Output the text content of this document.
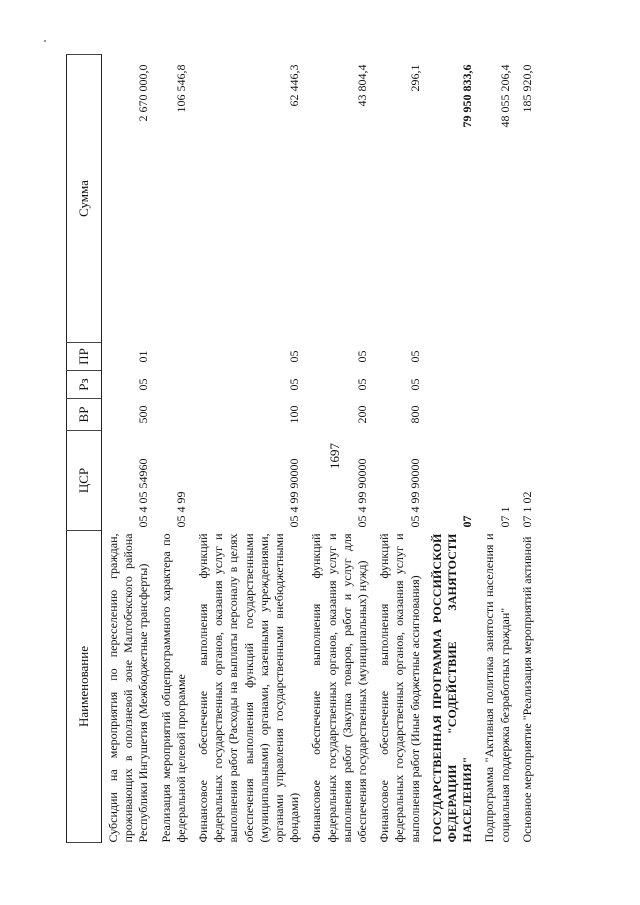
1697
Наименование	ЦСР	ВР	Рз	ПР	Сумма
Субсидии на мероприятия по переселению граждан, проживающих в оползневой зоне Малгобекского района Республики Ингушетия (Межбюджетные трансферты)	05 4 05 54960	500	05	01	2 670 000,0
Реализация мероприятий общепрограммного характера по федеральной целевой программе	05 4 99				106 546,8
Финансовое обеспечение выполнения функций федеральных государственных органов, оказания услуг и выполнения работ (Расходы на выплаты персоналу в целях обеспечения выполнения функций государственными (муниципальными) органами, казенными учреждениями, органами управления государственными внебюджетными фондами)	05 4 99 90000	100	05	05	62 446,3
Финансовое обеспечение выполнения функций федеральных государственных органов, оказания услуг и выполнения работ (Закупка товаров, работ и услуг для обеспечения государственных (муниципальных) нужд)	05 4 99 90000	200	05	05	43 804,4
Финансовое обеспечение выполнения функций федеральных государственных органов, оказания услуг и выполнения работ (Иные бюджетные ассигнования)	05 4 99 90000	800	05	05	296,1
ГОСУДАРСТВЕННАЯ ПРОГРАММА РОССИЙСКОЙ ФЕДЕРАЦИИ "СОДЕЙСТВИЕ ЗАНЯТОСТИ НАСЕЛЕНИЯ"	07				79 950 833,6
Подпрограмма "Активная политика занятости населения и социальная поддержка безработных граждан"	07 1				48 055 206,4
Основное мероприятие "Реализация мероприятий активной	07 1 02				185 920,0
